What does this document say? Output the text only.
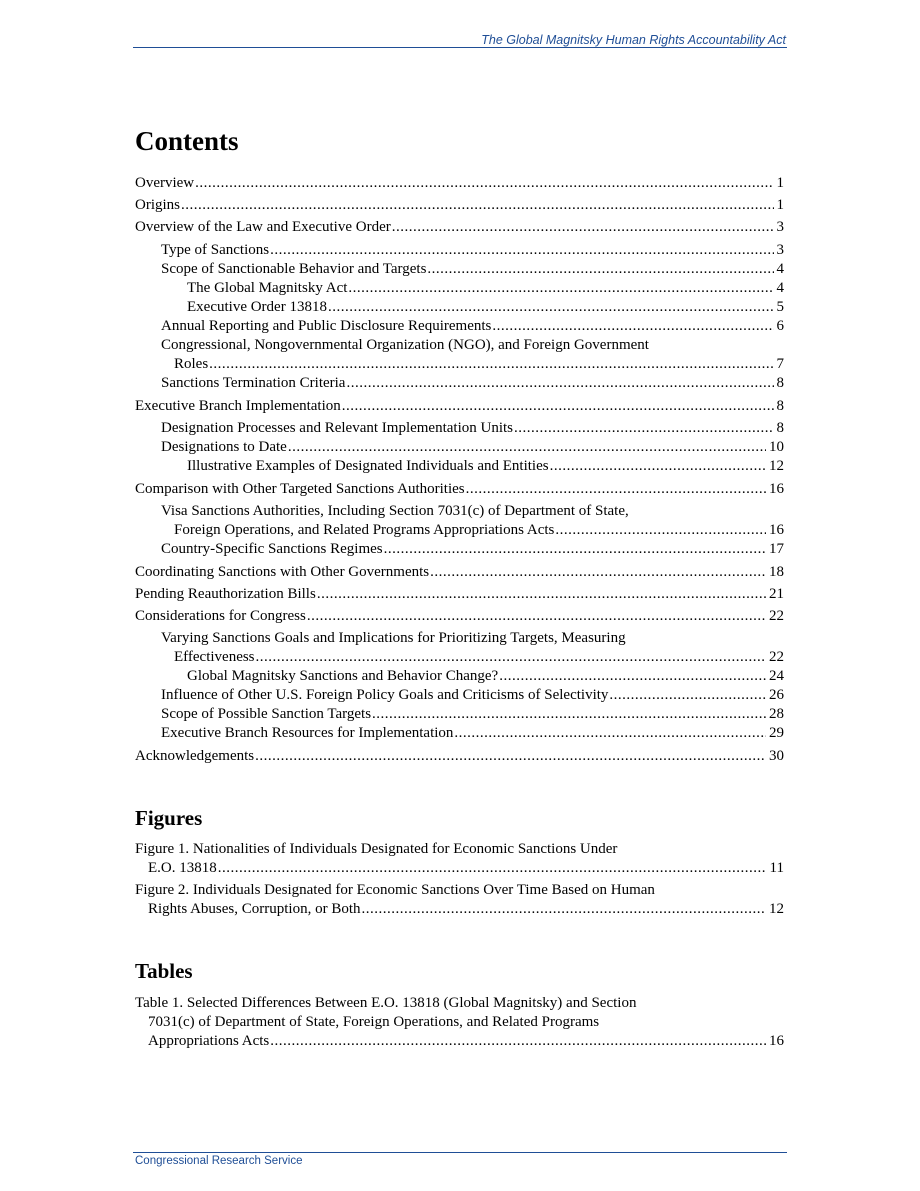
The Global Magnitsky Human Rights Accountability Act
Contents
Overview .....	1
Origins .....	1
Overview of the Law and Executive Order .....	3
Type of Sanctions .....	3
Scope of Sanctionable Behavior and Targets .....	4
The Global Magnitsky Act .....	4
Executive Order 13818 .....	5
Annual Reporting and Public Disclosure Requirements .....	6
Congressional, Nongovernmental Organization (NGO), and Foreign Government
Roles .....	7
Sanctions Termination Criteria .....	8
Executive Branch Implementation .....	8
Designation Processes and Relevant Implementation Units .....	8
Designations to Date .....	10
Illustrative Examples of Designated Individuals and Entities .....	12
Comparison with Other Targeted Sanctions Authorities .....	16
Visa Sanctions Authorities, Including Section 7031(c) of Department of State,
Foreign Operations, and Related Programs Appropriations Acts .....	16
Country-Specific Sanctions Regimes .....	17
Coordinating Sanctions with Other Governments .....	18
Pending Reauthorization Bills .....	21
Considerations for Congress .....	22
Varying Sanctions Goals and Implications for Prioritizing Targets, Measuring
Effectiveness .....	22
Global Magnitsky Sanctions and Behavior Change? .....	24
Influence of Other U.S. Foreign Policy Goals and Criticisms of Selectivity .....	26
Scope of Possible Sanction Targets .....	28
Executive Branch Resources for Implementation .....	29
Acknowledgements .....	30
Figures
Figure 1. Nationalities of Individuals Designated for Economic Sanctions Under
E.O. 13818 .....	11
Figure 2. Individuals Designated for Economic Sanctions Over Time Based on Human
Rights Abuses, Corruption, or Both .....	12
Tables
Table 1. Selected Differences Between E.O. 13818 (Global Magnitsky) and Section
7031(c) of Department of State, Foreign Operations, and Related Programs
Appropriations Acts .....	16
Congressional Research Service
